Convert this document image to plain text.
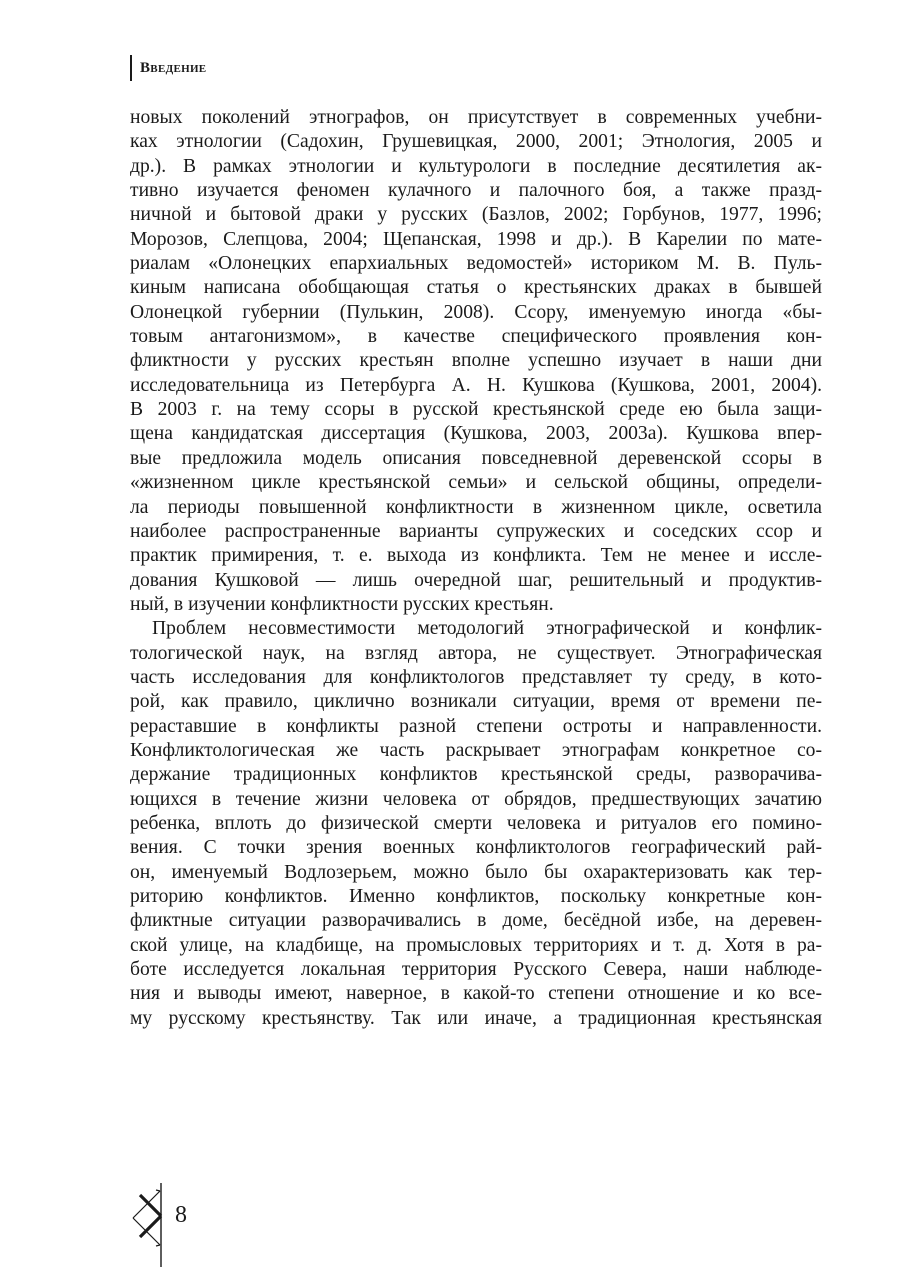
Введение
новых поколений этнографов, он присутствует в современных учебни-
ках этнологии (Садохин, Грушевицкая, 2000, 2001; Этнология, 2005 и
др.). В рамках этнологии и культурологи в последние десятилетия ак-
тивно изучается феномен кулачного и палочного боя, а также празд-
ничной и бытовой драки у русских (Базлов, 2002; Горбунов, 1977, 1996;
Морозов, Слепцова, 2004; Щепанская, 1998 и др.). В Карелии по мате-
риалам «Олонецких епархиальных ведомостей» историком М. В. Пуль-
киным написана обобщающая статья о крестьянских драках в бывшей
Олонецкой губернии (Пулькин, 2008). Ссору, именуемую иногда «бы-
товым антагонизмом», в качестве специфического проявления кон-
фликтности у русских крестьян вполне успешно изучает в наши дни
исследовательница из Петербурга А. Н. Кушкова (Кушкова, 2001, 2004).
В 2003 г. на тему ссоры в русской крестьянской среде ею была защи-
щена кандидатская диссертация (Кушкова, 2003, 2003а). Кушкова впер-
вые предложила модель описания повседневной деревенской ссоры в
«жизненном цикле крестьянской семьи» и сельской общины, определи-
ла периоды повышенной конфликтности в жизненном цикле, осветила
наиболее распространенные варианты супружеских и соседских ссор и
практик примирения, т. е. выхода из конфликта. Тем не менее и иссле-
дования Кушковой — лишь очередной шаг, решительный и продуктив-
ный, в изучении конфликтности русских крестьян.
Проблем несовместимости методологий этнографической и конфлик-
тологической наук, на взгляд автора, не существует. Этнографическая
часть исследования для конфликтологов представляет ту среду, в кото-
рой, как правило, циклично возникали ситуации, время от времени пе-
рераставшие в конфликты разной степени остроты и направленности.
Конфликтологическая же часть раскрывает этнографам конкретное со-
держание традиционных конфликтов крестьянской среды, разворачива-
ющихся в течение жизни человека от обрядов, предшествующих зачатию
ребенка, вплоть до физической смерти человека и ритуалов его помино-
вения. С точки зрения военных конфликтологов географический рай-
он, именуемый Водлозерьем, можно было бы охарактеризовать как тер-
риторию конфликтов. Именно конфликтов, поскольку конкретные кон-
фликтные ситуации разворачивались в доме, бесёдной избе, на деревен-
ской улице, на кладбище, на промысловых территориях и т. д. Хотя в ра-
боте исследуется локальная территория Русского Севера, наши наблюде-
ния и выводы имеют, наверное, в какой-то степени отношение и ко все-
му русскому крестьянству. Так или иначе, а традиционная крестьянская
8
